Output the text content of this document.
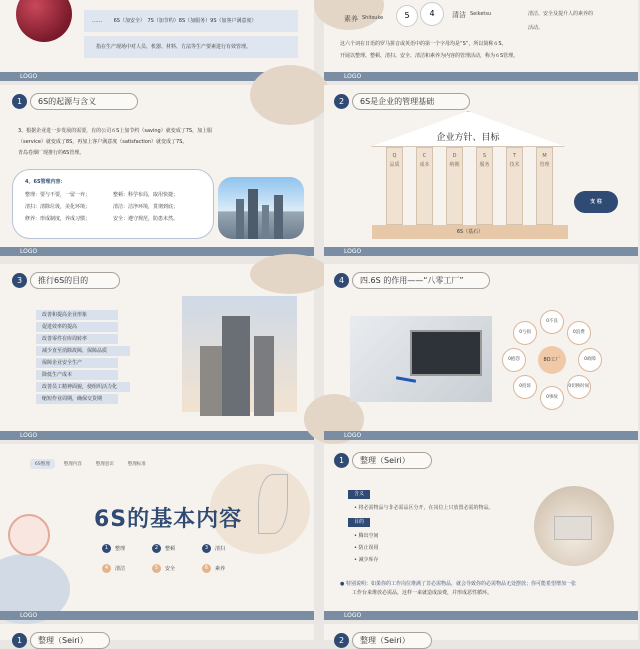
…… 6S（加安全）　7S（加节约）8S（加服务）9S（加客户满意度）
指在生产现场中对人员、机器、材料、方法等生产要素进行有效管理。
LOGO
5	4
素养 Shitsuke	清洁 Seiketsu	清洁、安全及提升人的素养的
活动。
这六个词在日语的罗马拼音或英语中的第一个字母均是“S”，所以简称６S，
开展以整理、整顿、清扫、安全、清洁和素养为内容的管理活动，称为６S管理。
LOGO
1	6S的起源与含义
3、根据企业进一步发展的需要，有的公司６S上加节约（saving）就变成了7S，加上服
（service）就变成了8S，再加上客户满意度（satisfaction）就变成了7S。
青岛卷烟厂现推行的6S管理。
4、6S管理内容：
整理：要与不要，一留一弃；	整顿：科学布局，取用快捷；
清扫：清除垃圾，美化环境；	清洁：洁净环境，贯彻到底；
修养：形成制度，养成习惯；	安全：遵守规范，防患未然。
LOGO
2	6S是企业的管理基础
企业方针、目标
Q
品质
C
成本
D
纳期
S
服务
T
技术
M
管理
6S（基石）
支 柱
LOGO
3	推行6S的目的
改善和提高企业形象
促进效率的提高
改善零件在库周转率
减少直至消除故障，保障品质
保障企业安全生产
降低生产成本
改善员工精神面貌，使组织活力化
缩短作业周期，确保交货期
LOGO
4	四.6S 的作用——“八零工厂”
0不良
0浪费
0故障
0切换时间
0事故
0投诉
0抱怨
0亏损
8O工厂
LOGO
6S整理	整理内容	整理意识	整理标准
6S的基本内容
1	整理	2	整顿	3	清扫
4	清洁	5	安全	6	素养
LOGO
1	整理（Seiri）
含义
• 将必需物品与非必需品区分开，在岗位上只放置必需的物品。
目的
• 腾出空间
• 防止误用
• 减少库存
● 特别说明：如果你的工作岗位堆满了非必需物品，就会导致你的必需物品无处摆放；你可能希望增加一张
工作台来堆放必需品，这样一来就造成浪费，并形成恶性循环。
LOGO
1	整理（Seiri）	2	整理（Seiri）
